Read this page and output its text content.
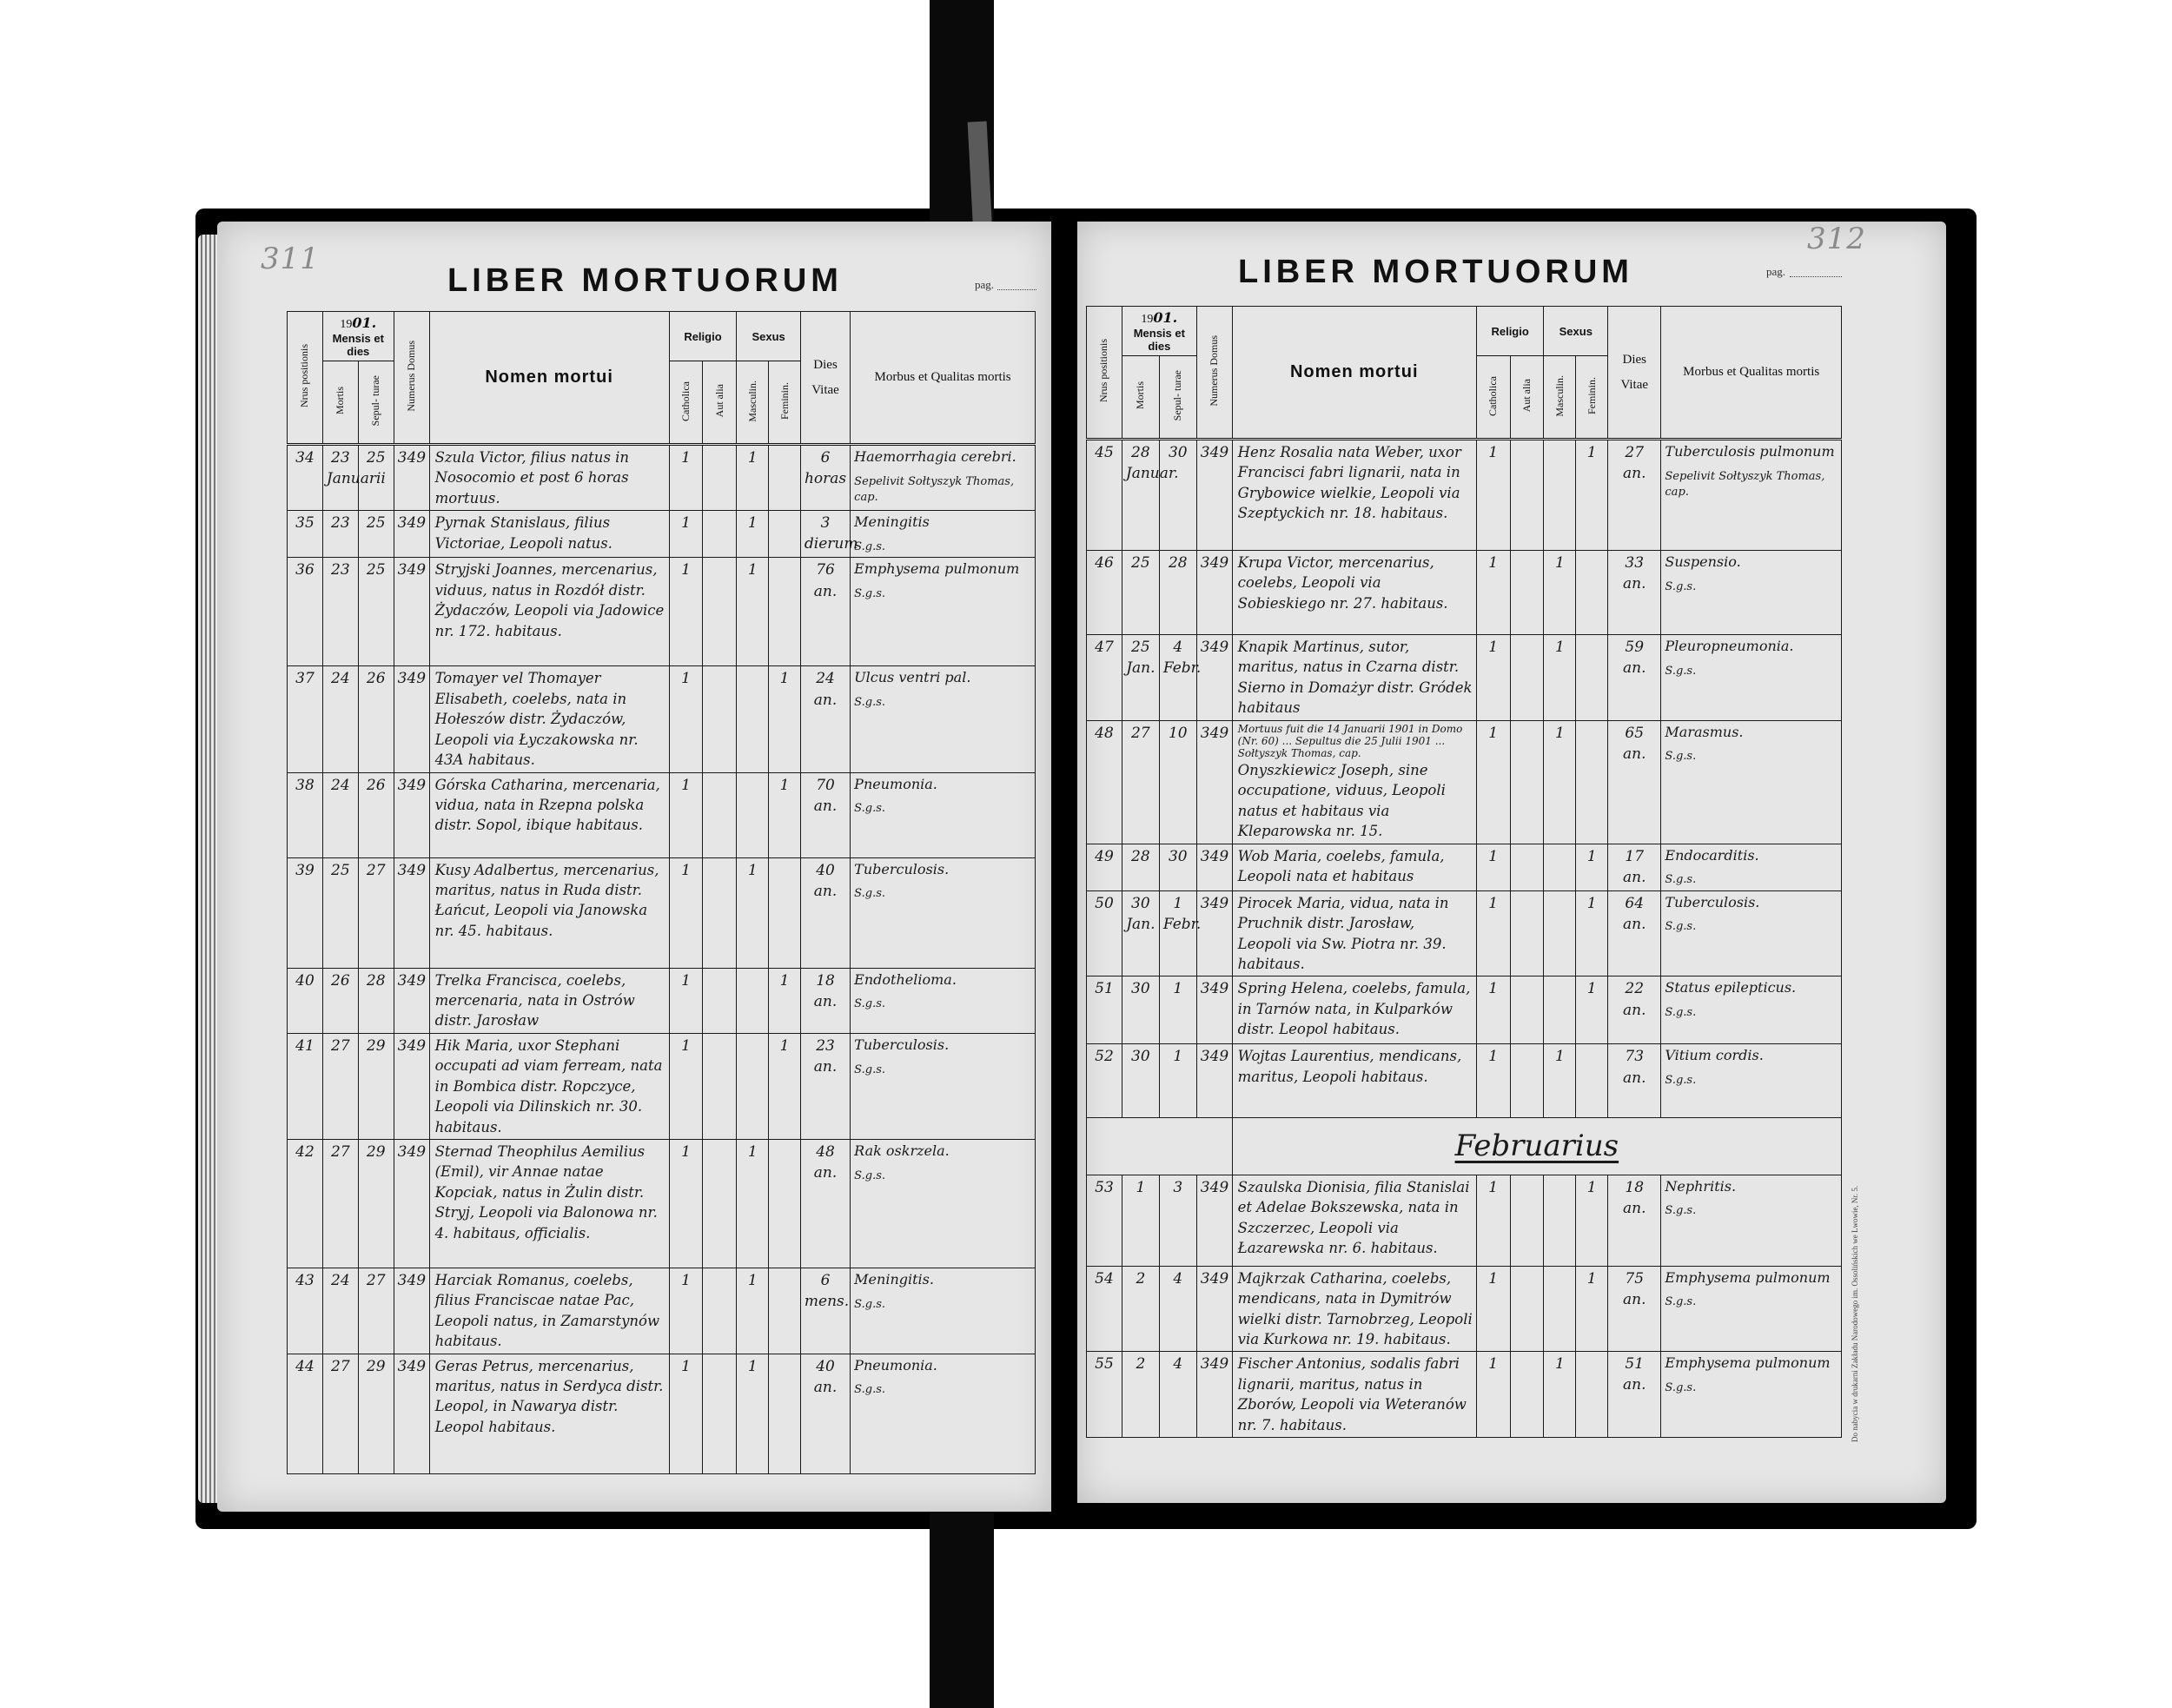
311
LIBER MORTUORUM	pag.
Nrus positionis	1901.
Mensis et dies		Numerus Domus	Nomen mortui	Religio		Sexus		Dies Vitae	Morbus et Qualitas mortis
	Mortis	Sepul- turae			Catholica	Aut alia	Masculin.	Feminin.		
34	23 Januarii	25	349	Szula Victor, filius natus in Nosocomio et post 6 horas mortuus.	1		1		6 horas	Haemorrhagia cerebri.
Sepelivit Sołtyszyk Thomas, cap.

35	23	25	349	Pyrnak Stanislaus, filius Victoriae, Leopoli natus.	1		1		3 dierum	Meningitis
S.g.s.

36	23	25	349	Stryjski Joannes, mercenarius, viduus, natus in Rozdół distr. Żydaczów, Leopoli via Jadowice nr. 172. habitaus.	1		1		76 an.	Emphysema pulmonum
S.g.s.

37	24	26	349	Tomayer vel Thomayer Elisabeth, coelebs, nata in Hołeszów distr. Żydaczów, Leopoli via Łyczakowska nr. 43A habitaus.	1			1	24 an.	Ulcus ventri pal.
S.g.s.

38	24	26	349	Górska Catharina, mercenaria, vidua, nata in Rzepna polska distr. Sopol, ibique habitaus.	1			1	70 an.	Pneumonia.
S.g.s.

39	25	27	349	Kusy Adalbertus, mercenarius, maritus, natus in Ruda distr. Łańcut, Leopoli via Janowska nr. 45. habitaus.	1		1		40 an.	Tuberculosis.
S.g.s.

40	26	28	349	Trelka Francisca, coelebs, mercenaria, nata in Ostrów distr. Jarosław	1			1	18 an.	Endothelioma.
S.g.s.

41	27	29	349	Hik Maria, uxor Stephani occupati ad viam ferream, nata in Bombica distr. Ropczyce, Leopoli via Dilinskich nr. 30. habitaus.	1			1	23 an.	Tuberculosis.
S.g.s.

42	27	29	349	Sternad Theophilus Aemilius (Emil), vir Annae natae Kopciak, natus in Żulin distr. Stryj, Leopoli via Balonowa nr. 4. habitaus, officialis.	1		1		48 an.	Rak oskrzela.
S.g.s.

43	24	27	349	Harciak Romanus, coelebs, filius Franciscae natae Pac, Leopoli natus, in Zamarstynów habitaus.	1		1		6 mens.	Meningitis.
S.g.s.

44	27	29	349	Geras Petrus, mercenarius, maritus, natus in Serdyca distr. Leopol, in Nawarya distr. Leopol habitaus.	1		1		40 an.	Pneumonia.
S.g.s.
312
LIBER MORTUORUM	pag.
Do nabycia w drukarni Zakładu Narodowego im. Ossolińskich we Lwowie, Nr. 5.
Nrus positionis	1901.
Mensis et dies		Numerus Domus	Nomen mortui	Religio		Sexus		Dies Vitae	Morbus et Qualitas mortis
	Mortis	Sepul- turae			Catholica	Aut alia	Masculin.	Feminin.		
45	28 Januar.	30	349	Henz Rosalia nata Weber, uxor Francisci fabri lignarii, nata in Grybowice wielkie, Leopoli via Szeptyckich nr. 18. habitaus.	1			1	27 an.	Tuberculosis pulmonum
Sepelivit Sołtyszyk Thomas, cap.

46	25	28	349	Krupa Victor, mercenarius, coelebs, Leopoli via Sobieskiego nr. 27. habitaus.	1		1		33 an.	Suspensio.
S.g.s.

47	25 Jan.	4 Febr.	349	Knapik Martinus, sutor, maritus, natus in Czarna distr. Sierno in Domażyr distr. Gródek habitaus	1		1		59 an.	Pleuropneumonia.
S.g.s.

48	27	10	349	Mortuus fuit die 14 Januarii 1901 in Domo (Nr. 60) ... Sepultus die 25 Julii 1901 ... Sołtyszyk Thomas, cap.
Onyszkiewicz Joseph, sine occupatione, viduus, Leopoli natus et habitaus via Kleparowska nr. 15.	1		1		65 an.	Marasmus.
S.g.s.

49	28	30	349	Wob Maria, coelebs, famula, Leopoli nata et habitaus	1			1	17 an.	Endocarditis.
S.g.s.

50	30 Jan.	1 Febr.	349	Pirocek Maria, vidua, nata in Pruchnik distr. Jarosław, Leopoli via Sw. Piotra nr. 39. habitaus.	1			1	64 an.	Tuberculosis.
S.g.s.

51	30	1	349	Spring Helena, coelebs, famula, in Tarnów nata, in Kulparków distr. Leopol habitaus.	1			1	22 an.	Status epilepticus.
S.g.s.

52	30	1	349	Wojtas Laurentius, mendicans, maritus, Leopoli habitaus.	1		1		73 an.	Vitium cordis.
S.g.s.

				Februarius						
53	1	3	349	Szaulska Dionisia, filia Stanislai et Adelae Bokszewska, nata in Szczerzec, Leopoli via Łazarewska nr. 6. habitaus.	1			1	18 an.	Nephritis.
S.g.s.

54	2	4	349	Majkrzak Catharina, coelebs, mendicans, nata in Dymitrów wielki distr. Tarnobrzeg, Leopoli via Kurkowa nr. 19. habitaus.	1			1	75 an.	Emphysema pulmonum
S.g.s.

55	2	4	349	Fischer Antonius, sodalis fabri lignarii, maritus, natus in Zborów, Leopoli via Weteranów nr. 7. habitaus.	1		1		51 an.	Emphysema pulmonum
S.g.s.
